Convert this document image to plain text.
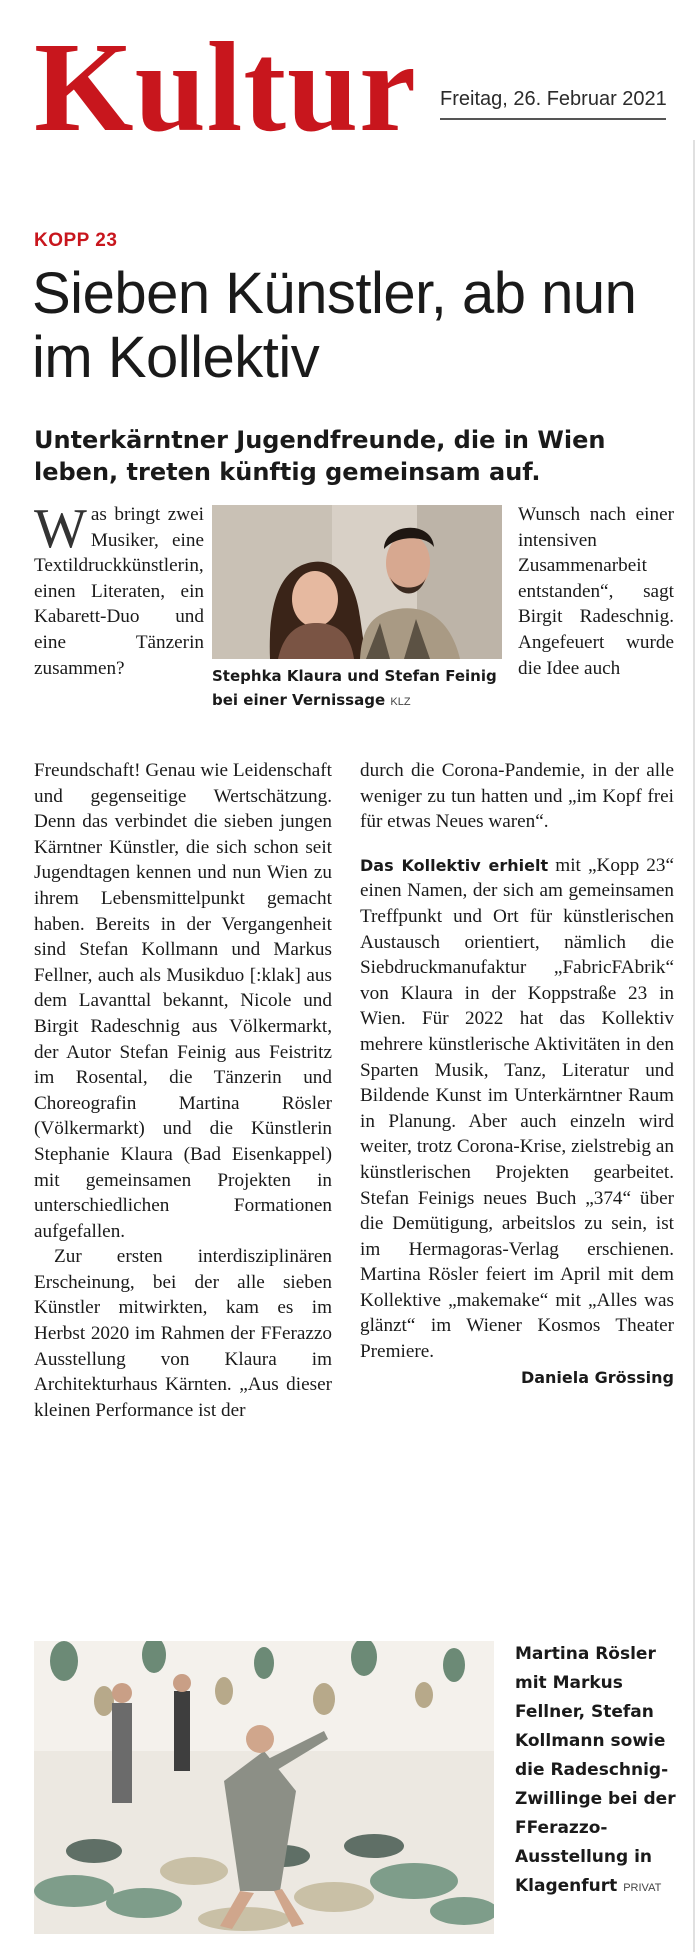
Kultur Freitag, 26. Februar 2021
KOPP 23
Sieben Künstler, ab nun im Kollektiv
Unterkärntner Jugendfreunde, die in Wien leben, treten künftig gemeinsam auf.

Was bringt zwei Musiker, eine Textildruckkünstlerin, einen Literaten, ein Kabarett-Duo und eine Tänzerin zusammen?

Freundschaft! Genau wie Leidenschaft und gegenseitige Wertschätzung. Denn das verbindet die sieben jungen Kärntner Künstler, die sich schon seit Jugendtagen kennen und nun Wien zu ihrem Lebensmittelpunkt gemacht haben. Bereits in der Vergangenheit sind Stefan Kollmann und Markus Fellner, auch als Musikduo [:klak] aus dem Lavanttal bekannt, Nicole und Birgit Radeschnig aus Völkermarkt, der Autor Stefan Feinig aus Feistritz im Rosental, die Tänzerin und Choreografin Martina Rösler (Völkermarkt) und die Künstlerin Stephanie Klaura (Bad Eisenkappel) mit gemeinsamen Projekten in unterschiedlichen Formationen aufgefallen.

Zur ersten interdisziplinären Erscheinung, bei der alle sieben Künstler mitwirkten, kam es im Herbst 2020 im Rahmen der FFerazzo Ausstellung von Klaura im Architekturhaus Kärnten. „Aus dieser kleinen Performance ist der

Stephka Klaura und Stefan Feinig bei einer Vernissage KLZ

Wunsch nach einer intensiven Zusammenarbeit entstanden“, sagt Birgit Radeschnig. Angefeuert wurde die Idee auch

durch die Corona-Pandemie, in der alle weniger zu tun hatten und „im Kopf frei für etwas Neues waren“.

Das Kollektiv erhielt mit „Kopp 23“ einen Namen, der sich am gemeinsamen Treffpunkt und Ort für künstlerischen Austausch orientiert, nämlich die Siebdruckmanufaktur „FabricFAbrik“ von Klaura in der Koppstraße 23 in Wien. Für 2022 hat das Kollektiv mehrere künstlerische Aktivitäten in den Sparten Musik, Tanz, Literatur und Bildende Kunst im Unterkärntner Raum in Planung. Aber auch einzeln wird weiter, trotz Corona-Krise, zielstrebig an künstlerischen Projekten gearbeitet. Stefan Feinigs neues Buch „374“ über die Demütigung, arbeitslos zu sein, ist im Hermagoras-Verlag erschienen. Martina Rösler feiert im April mit dem Kollektive „makemake“ mit „Alles was glänzt“ im Wiener Kosmos Theater Premiere.
Daniela Grössing

Martina Rösler mit Markus Fellner, Stefan Kollmann sowie die Radeschnig-Zwillinge bei der FFerazzo-Ausstellung in Klagenfurt PRIVAT
